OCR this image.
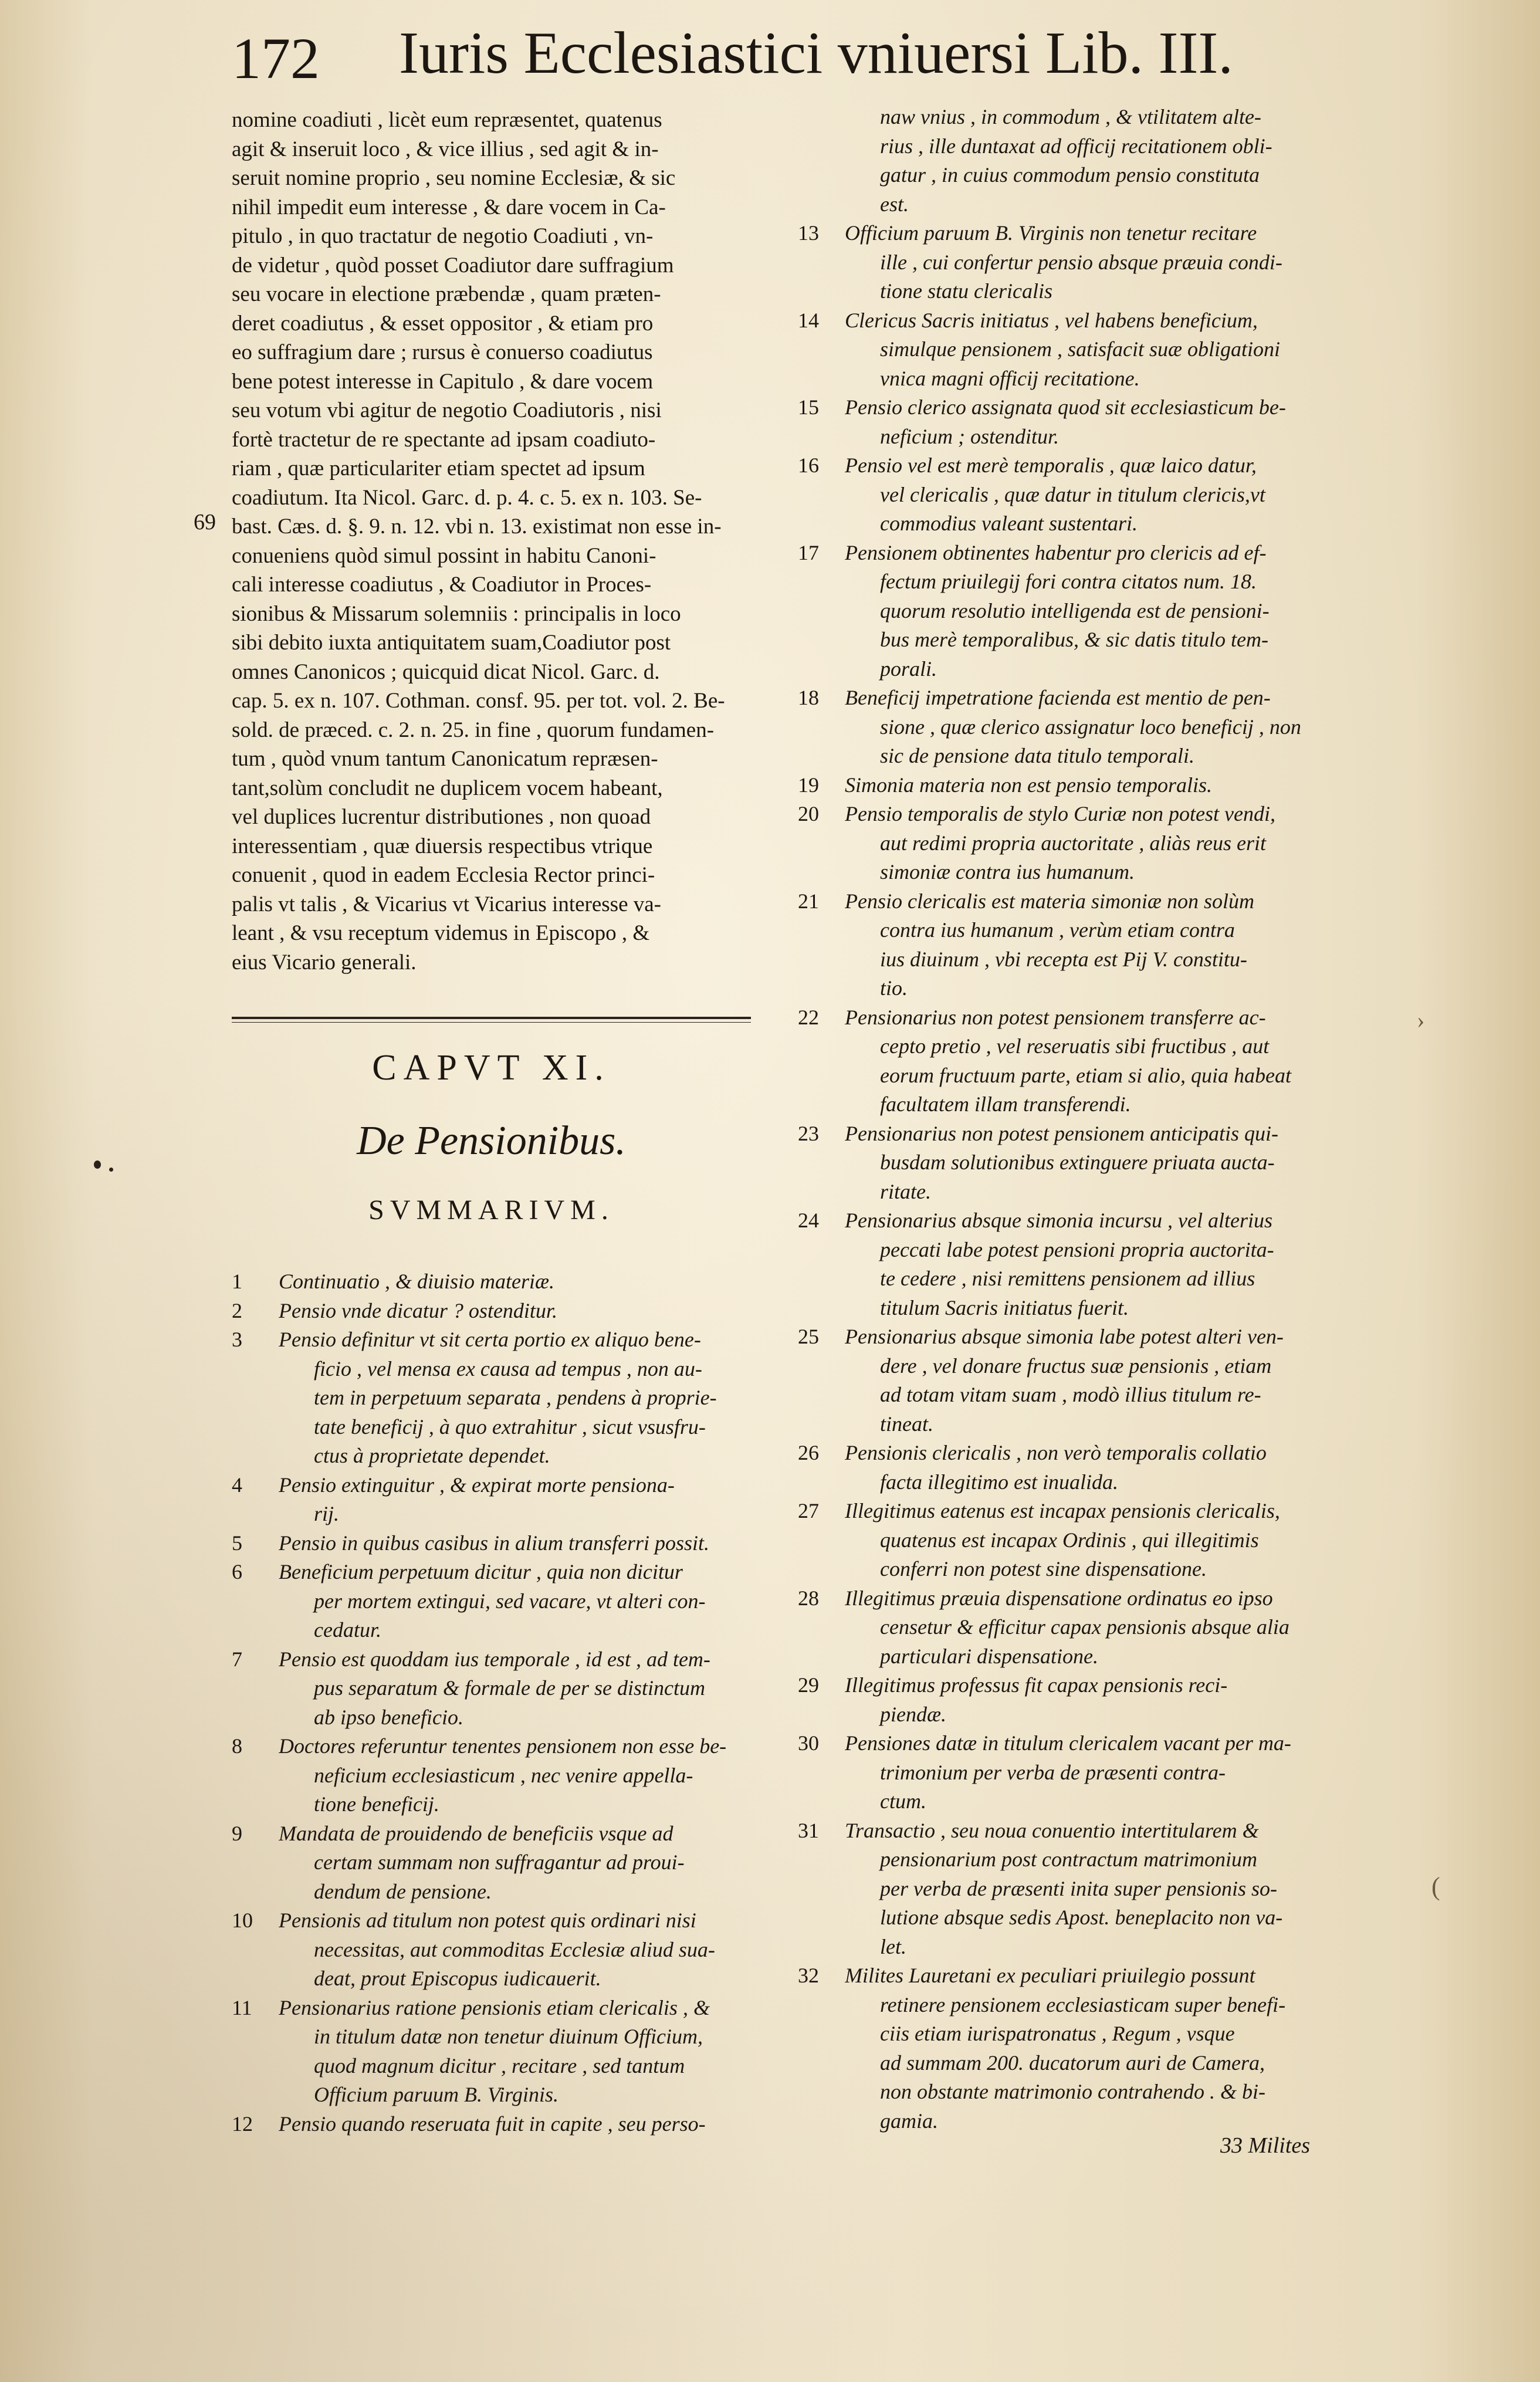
172 Iuris Ecclesiastici vniuersi Lib. III.
nomine coadiuti , licèt eum repræsentet, quatenus
agit & inseruit loco , & vice illius , sed agit & in-
seruit nomine proprio , seu nomine Ecclesiæ, & sic
nihil impedit eum interesse , & dare vocem in Ca-
pitulo , in quo tractatur de negotio Coadiuti , vn-
de videtur , quòd posset Coadiutor dare suffragium
seu vocare in electione præbendæ , quam præten-
deret coadiutus , & esset oppositor , & etiam pro
eo suffragium dare ; rursus è conuerso coadiutus
bene potest interesse in Capitulo , & dare vocem
seu votum vbi agitur de negotio Coadiutoris , nisi
fortè tractetur de re spectante ad ipsam coadiuto-
riam , quæ particulariter etiam spectet ad ipsum
coadiutum. Ita Nicol. Garc. d. p. 4. c. 5. ex n. 103. Se-
bast. Cæs. d. §. 9. n. 12. vbi n. 13. existimat non esse in-
conueniens quòd simul possint in habitu Canoni-
cali interesse coadiutus , & Coadiutor in Proces-
sionibus & Missarum solemniis : principalis in loco
sibi debito iuxta antiquitatem suam,Coadiutor post
omnes Canonicos ; quicquid dicat Nicol. Garc. d.
cap. 5. ex n. 107. Cothman. consf. 95. per tot. vol. 2. Be-
sold. de præced. c. 2. n. 25. in fine , quorum fundamen-
tum , quòd vnum tantum Canonicatum repræsen-
tant,solùm concludit ne duplicem vocem habeant,
vel duplices lucrentur distributiones , non quoad
interessentiam , quæ diuersis respectibus vtrique
conuenit , quod in eadem Ecclesia Rector princi-
palis vt talis , & Vicarius vt Vicarius interesse va-
leant , & vsu receptum videmus in Episcopo , &
eius Vicario generali.
69
CAPVT XI.
De Pensionibus.
SVMMARIVM.
1	Continuatio , & diuisio materiæ.
2	Pensio vnde dicatur ? ostenditur.
3	Pensio definitur vt sit certa portio ex aliquo bene-
ficio , vel mensa ex causa ad tempus , non au-
tem in perpetuum separata , pendens à proprie-
tate beneficij , à quo extrahitur , sicut vsusfru-
ctus à proprietate dependet.
4	Pensio extinguitur , & expirat morte pensiona-
rij.
5	Pensio in quibus casibus in alium transferri possit.
6	Beneficium perpetuum dicitur , quia non dicitur
per mortem extingui, sed vacare, vt alteri con-
cedatur.
7	Pensio est quoddam ius temporale , id est , ad tem-
pus separatum & formale de per se distinctum
ab ipso beneficio.
8	Doctores referuntur tenentes pensionem non esse be-
neficium ecclesiasticum , nec venire appella-
tione beneficij.
9	Mandata de prouidendo de beneficiis vsque ad
certam summam non suffragantur ad proui-
dendum de pensione.
10	Pensionis ad titulum non potest quis ordinari nisi
necessitas, aut commoditas Ecclesiæ aliud sua-
deat, prout Episcopus iudicauerit.
11	Pensionarius ratione pensionis etiam clericalis , &
in titulum datæ non tenetur diuinum Officium,
quod magnum dicitur , recitare , sed tantum
Officium paruum B. Virginis.
12	Pensio quando reseruata fuit in capite , seu perso-
naw vnius , in commodum , & vtilitatem alte-
rius , ille duntaxat ad officij recitationem obli-
gatur , in cuius commodum pensio constituta
est.
13	Officium paruum B. Virginis non tenetur recitare
ille , cui confertur pensio absque præuia condi-
tione statu clericalis
14	Clericus Sacris initiatus , vel habens beneficium,
simulque pensionem , satisfacit suæ obligationi
vnica magni officij recitatione.
15	Pensio clerico assignata quod sit ecclesiasticum be-
neficium ; ostenditur.
16	Pensio vel est merè temporalis , quæ laico datur,
vel clericalis , quæ datur in titulum clericis,vt
commodius valeant sustentari.
17	Pensionem obtinentes habentur pro clericis ad ef-
fectum priuilegij fori contra citatos num. 18.
quorum resolutio intelligenda est de pensioni-
bus merè temporalibus, & sic datis titulo tem-
porali.
18	Beneficij impetratione facienda est mentio de pen-
sione , quæ clerico assignatur loco beneficij , non
sic de pensione data titulo temporali.
19	Simonia materia non est pensio temporalis.
20	Pensio temporalis de stylo Curiæ non potest vendi,
aut redimi propria auctoritate , aliàs reus erit
simoniæ contra ius humanum.
21	Pensio clericalis est materia simoniæ non solùm
contra ius humanum , verùm etiam contra
ius diuinum , vbi recepta est Pij V. constitu-
tio.
22	Pensionarius non potest pensionem transferre ac-
cepto pretio , vel reseruatis sibi fructibus , aut
eorum fructuum parte, etiam si alio, quia habeat
facultatem illam transferendi.
23	Pensionarius non potest pensionem anticipatis qui-
busdam solutionibus extinguere priuata aucta-
ritate.
24	Pensionarius absque simonia incursu , vel alterius
peccati labe potest pensioni propria auctorita-
te cedere , nisi remittens pensionem ad illius
titulum Sacris initiatus fuerit.
25	Pensionarius absque simonia labe potest alteri ven-
dere , vel donare fructus suæ pensionis , etiam
ad totam vitam suam , modò illius titulum re-
tineat.
26	Pensionis clericalis , non verò temporalis collatio
facta illegitimo est inualida.
27	Illegitimus eatenus est incapax pensionis clericalis,
quatenus est incapax Ordinis , qui illegitimis
conferri non potest sine dispensatione.
28	Illegitimus præuia dispensatione ordinatus eo ipso
censetur & efficitur capax pensionis absque alia
particulari dispensatione.
29	Illegitimus professus fit capax pensionis reci-
piendæ.
30	Pensiones datæ in titulum clericalem vacant per ma-
trimonium per verba de præsenti contra-
ctum.
31	Transactio , seu noua conuentio intertitularem &
pensionarium post contractum matrimonium
per verba de præsenti inita super pensionis so-
lutione absque sedis Apost. beneplacito non va-
let.
32	Milites Lauretani ex peculiari priuilegio possunt
retinere pensionem ecclesiasticam super benefi-
ciis etiam iurispatronatus , Regum , vsque
ad summam 200. ducatorum auri de Camera,
non obstante matrimonio contrahendo . & bi-
gamia.
33 Milites
›
(
